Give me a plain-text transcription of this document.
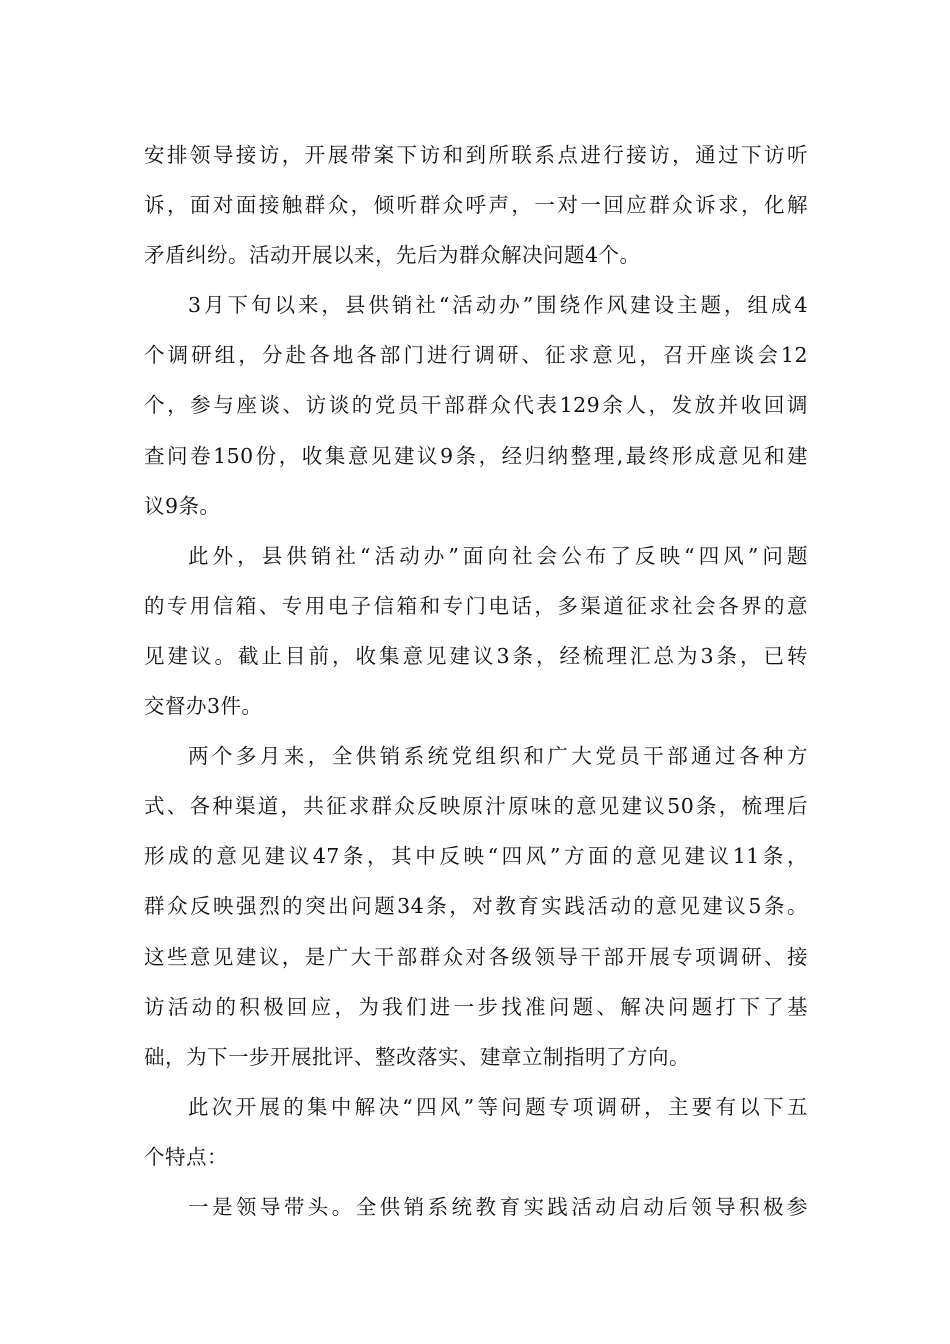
安排领导接访，开展带案下访和到所联系点进行接访，通过下访听
诉，面对面接触群众，倾听群众呼声，一对一回应群众诉求，化解
矛盾纠纷。活动开展以来，先后为群众解决问题4个。
3月下旬以来，县供销社“活动办”围绕作风建设主题，组成4
个调研组，分赴各地各部门进行调研、征求意见，召开座谈会12
个，参与座谈、访谈的党员干部群众代表129余人，发放并收回调
查问卷150份，收集意见建议9条，经归纳整理,最终形成意见和建
议9条。
此外，县供销社“活动办”面向社会公布了反映“四风”问题
的专用信箱、专用电子信箱和专门电话，多渠道征求社会各界的意
见建议。截止目前，收集意见建议3条，经梳理汇总为3条，已转
交督办3件。
两个多月来，全供销系统党组织和广大党员干部通过各种方
式、各种渠道，共征求群众反映原汁原味的意见建议50条，梳理后
形成的意见建议47条，其中反映“四风”方面的意见建议11条，
群众反映强烈的突出问题34条，对教育实践活动的意见建议5条。
这些意见建议，是广大干部群众对各级领导干部开展专项调研、接
访活动的积极回应，为我们进一步找准问题、解决问题打下了基
础，为下一步开展批评、整改落实、建章立制指明了方向。
此次开展的集中解决“四风”等问题专项调研，主要有以下五
个特点：
一是领导带头。全供销系统教育实践活动启动后领导积极参
